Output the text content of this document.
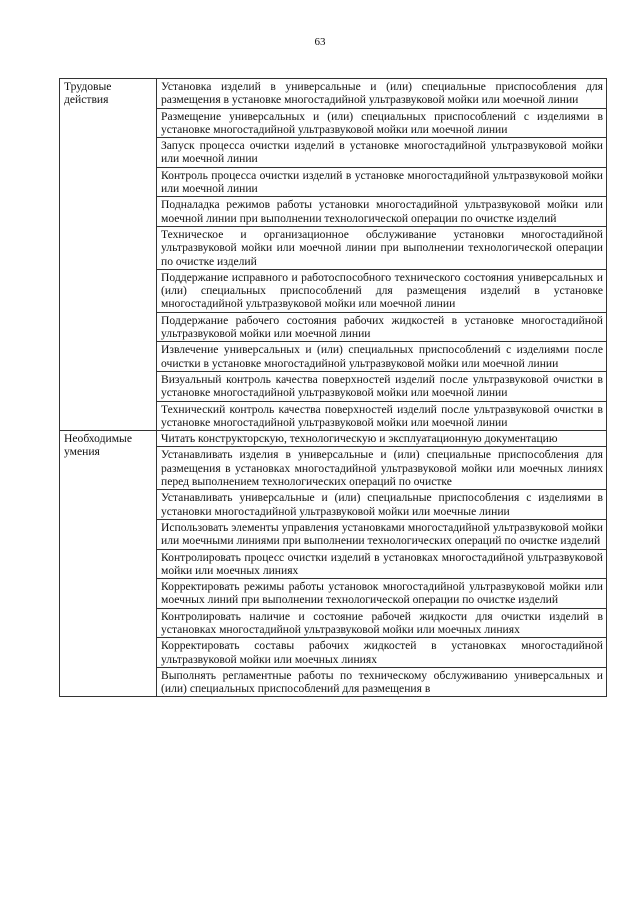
63
Трудовые действия	Установка изделий в универсальные и (или) специальные приспособления для размещения в установке многостадийной ультразвуковой мойки или моечной линии
	Размещение универсальных и (или) специальных приспособлений с изделиями в установке многостадийной ультразвуковой мойки или моечной линии
	Запуск процесса очистки изделий в установке многостадийной ультразвуковой мойки или моечной линии
	Контроль процесса очистки изделий в установке многостадийной ультразвуковой мойки или моечной линии
	Подналадка режимов работы установки многостадийной ультразвуковой мойки или моечной линии при выполнении технологической операции по очистке изделий
	Техническое и организационное обслуживание установки многостадийной ультразвуковой мойки или моечной линии при выполнении технологической операции по очистке изделий
	Поддержание исправного и работоспособного технического состояния универсальных и (или) специальных приспособлений для размещения изделий в установке многостадийной ультразвуковой мойки или моечной линии
	Поддержание рабочего состояния рабочих жидкостей в установке многостадийной ультразвуковой мойки или моечной линии
	Извлечение универсальных и (или) специальных приспособлений с изделиями после очистки в установке многостадийной ультразвуковой мойки или моечной линии
	Визуальный контроль качества поверхностей изделий после ультразвуковой очистки в установке многостадийной ультразвуковой мойки или моечной линии
	Технический контроль качества поверхностей изделий после ультразвуковой очистки в установке многостадийной ультразвуковой мойки или моечной линии
Необходимые умения	Читать конструкторскую, технологическую и эксплуатационную документацию
	Устанавливать изделия в универсальные и (или) специальные приспособления для размещения в установках многостадийной ультразвуковой мойки или моечных линиях перед выполнением технологических операций по очистке
	Устанавливать универсальные и (или) специальные приспособления с изделиями в установки многостадийной ультразвуковой мойки или моечные линии
	Использовать элементы управления установками многостадийной ультразвуковой мойки или моечными линиями при выполнении технологических операций по очистке изделий
	Контролировать процесс очистки изделий в установках многостадийной ультразвуковой мойки или моечных линиях
	Корректировать режимы работы установок многостадийной ультразвуковой мойки или моечных линий при выполнении технологической операции по очистке изделий
	Контролировать наличие и состояние рабочей жидкости для очистки изделий в установках многостадийной ультразвуковой мойки или моечных линиях
	Корректировать составы рабочих жидкостей в установках многостадийной ультразвуковой мойки или моечных линиях
	Выполнять регламентные работы по техническому обслуживанию универсальных и (или) специальных приспособлений для размещения в
